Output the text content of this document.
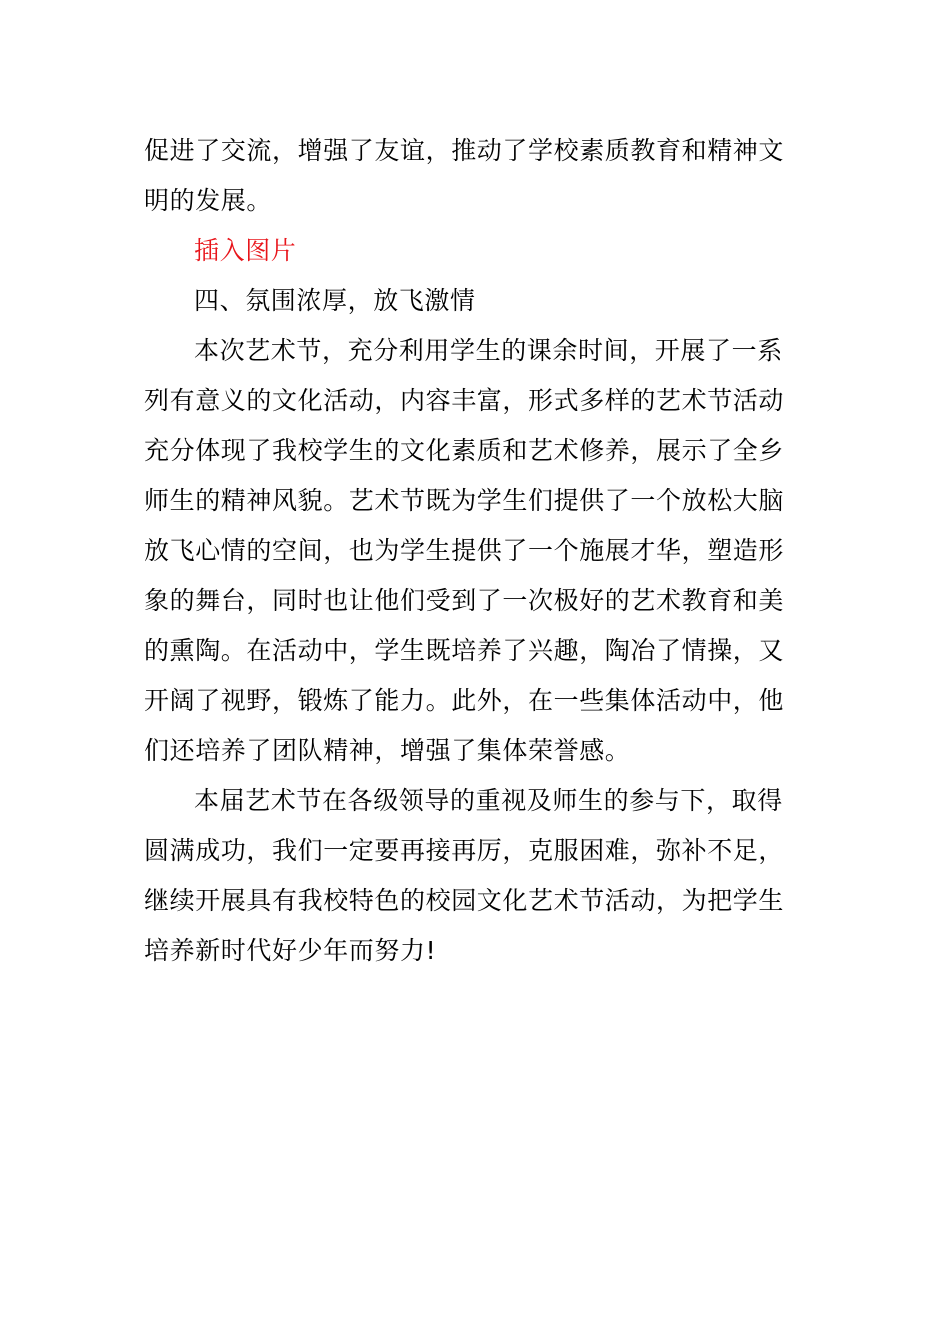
促进了交流，增强了友谊，推动了学校素质教育和精神文
明的发展。
插入图片
四、氛围浓厚，放飞激情
本次艺术节，充分利用学生的课余时间，开展了一系
列有意义的文化活动，内容丰富，形式多样的艺术节活动
充分体现了我校学生的文化素质和艺术修养，展示了全乡
师生的精神风貌。艺术节既为学生们提供了一个放松大脑
放飞心情的空间，也为学生提供了一个施展才华，塑造形
象的舞台，同时也让他们受到了一次极好的艺术教育和美
的熏陶。在活动中，学生既培养了兴趣，陶冶了情操，又
开阔了视野，锻炼了能力。此外，在一些集体活动中，他
们还培养了团队精神，增强了集体荣誉感。
本届艺术节在各级领导的重视及师生的参与下，取得
圆满成功，我们一定要再接再厉，克服困难，弥补不足，
继续开展具有我校特色的校园文化艺术节活动，为把学生
培养新时代好少年而努力!
